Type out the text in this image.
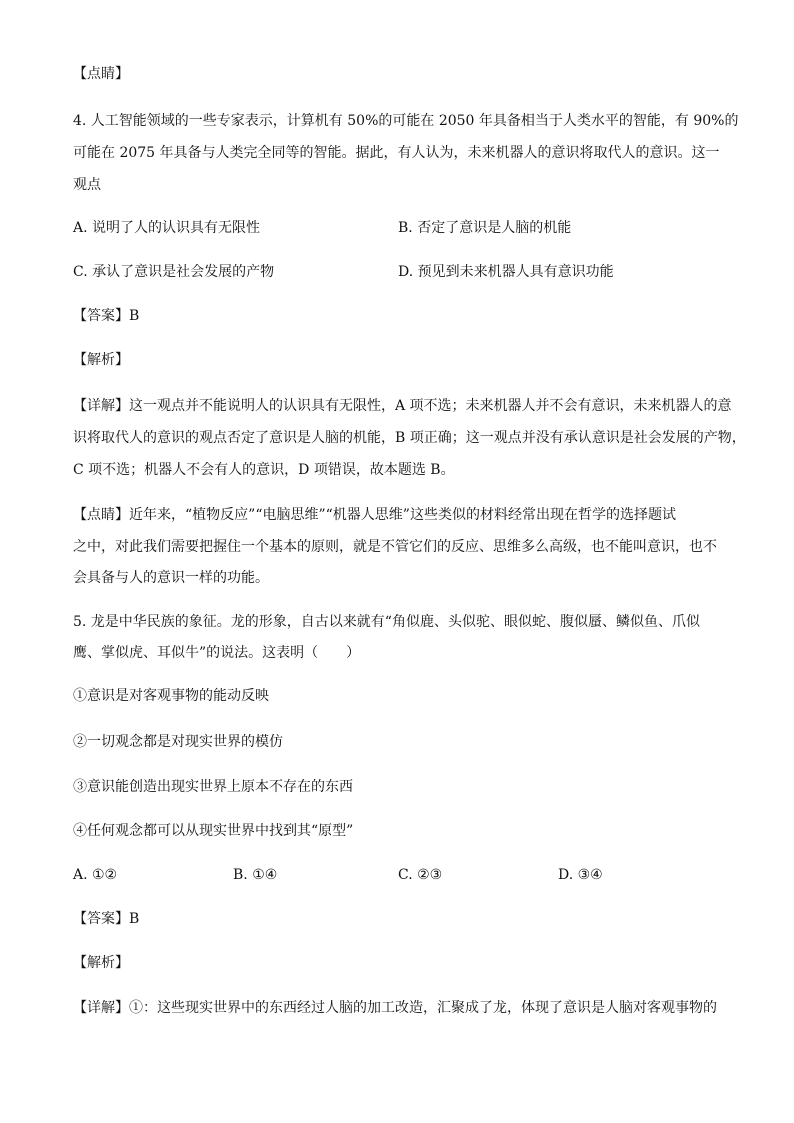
【点睛】
4. 人工智能领域的一些专家表示，计算机有 50%的可能在 2050 年具备相当于人类水平的智能，有 90%的
可能在 2075 年具备与人类完全同等的智能。据此，有人认为，未来机器人的意识将取代人的意识。这一
观点
A. 说明了人的认识具有无限性	B. 否定了意识是人脑的机能
C. 承认了意识是社会发展的产物	D. 预见到未来机器人具有意识功能
【答案】B
【解析】
【详解】这一观点并不能说明人的认识具有无限性，A 项不选；未来机器人并不会有意识，未来机器人的意
识将取代人的意识的观点否定了意识是人脑的机能，B 项正确；这一观点并没有承认意识是社会发展的产物，
C 项不选；机器人不会有人的意识，D 项错误，故本题选 B。
【点睛】近年来，“植物反应”“电脑思维”“机器人思维”这些类似的材料经常出现在哲学的选择题试
之中，对此我们需要把握住一个基本的原则，就是不管它们的反应、思维多么高级，也不能叫意识，也不
会具备与人的意识一样的功能。
5. 龙是中华民族的象征。龙的形象，自古以来就有“角似鹿、头似驼、眼似蛇、腹似蜃、鳞似鱼、爪似
鹰、掌似虎、耳似牛”的说法。这表明（　　）
①意识是对客观事物的能动反映
②一切观念都是对现实世界的模仿
③意识能创造出现实世界上原本不存在的东西
④任何观念都可以从现实世界中找到其“原型”
A. ①②	B. ①④	C. ②③	D. ③④
【答案】B
【解析】
【详解】①：这些现实世界中的东西经过人脑的加工改造，汇聚成了龙，体现了意识是人脑对客观事物的
